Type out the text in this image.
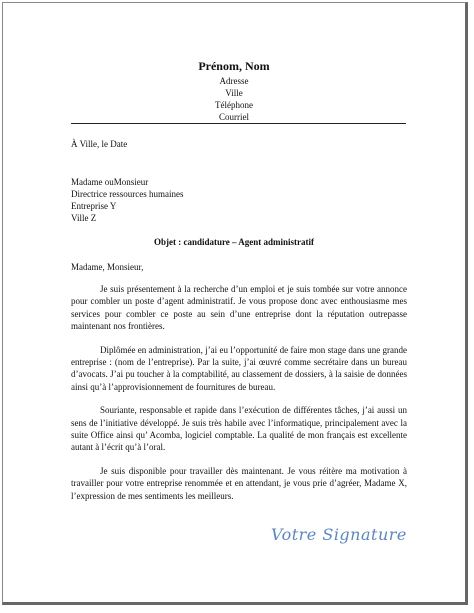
Prénom, Nom
Adresse
Ville
Téléphone
Courriel
À Ville, le Date
Madame ouMonsieur
Directrice ressources humaines
Entreprise Y
Ville Z
Objet : candidature – Agent administratif
Madame, Monsieur,

Je suis présentement à la recherche d’un emploi et je suis tombée sur votre annonce pour combler un poste d’agent administratif. Je vous propose donc avec enthousiasme mes services pour combler ce poste au sein d’une entreprise dont la réputation outrepasse maintenant nos frontières.

Diplômée en administration, j’ai eu l’opportunité de faire mon stage dans une grande entreprise : (nom de l’entreprise). Par la suite, j’ai œuvré comme secrétaire dans un bureau d’avocats. J’ai pu toucher à la comptabilité, au classement de dossiers, à la saisie de données ainsi qu’à l’approvisionnement de fournitures de bureau.

Souriante, responsable et rapide dans l’exécution de différentes tâches, j’ai aussi un sens de l’initiative développé. Je suis très habile avec l’informatique, principalement avec la suite Office ainsi qu’ Acomba, logiciel comptable. La qualité de mon français est excellente autant à l’écrit qu’à l’oral.

Je suis disponible pour travailler dès maintenant. Je vous réitère ma motivation à travailler pour votre entreprise renommée et en attendant, je vous prie d’agréer, Madame X, l’expression de mes sentiments les meilleurs.

Votre Signature
